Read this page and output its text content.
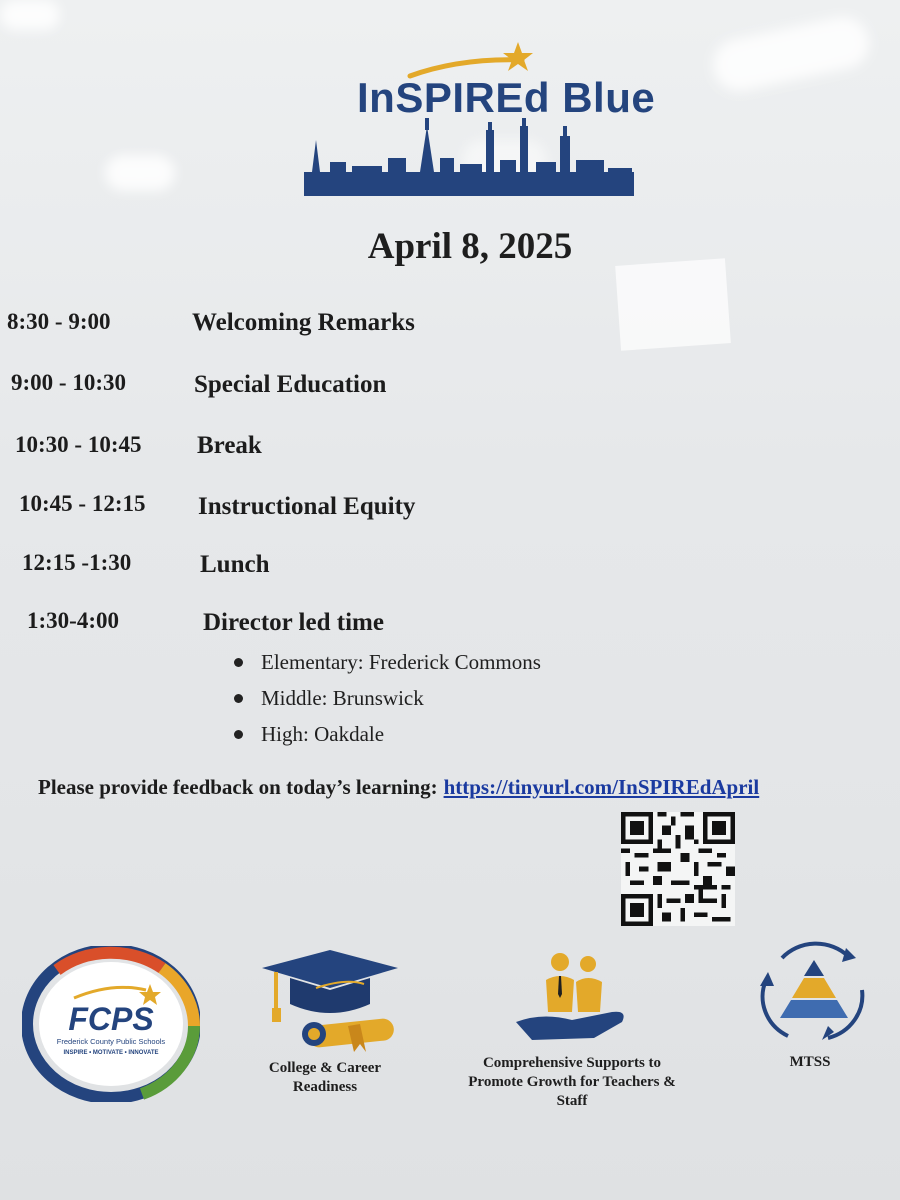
InSPIREd Blue
April 8, 2025
8:30 - 9:00	Welcoming Remarks
9:00 - 10:30	Special Education
10:30 - 10:45 Break
10:45 - 12:15 Instructional Equity
12:15 -1:30	Lunch
1:30-4:00	Director led time
Elementary: Frederick Commons
Middle: Brunswick
High: Oakdale
Please provide feedback on today’s learning: https://tinyurl.com/InSPIREdApril
FCPS
Frederick County Public Schools
INSPIRE • MOTIVATE • INNOVATE
College & Career
Readiness
Comprehensive Supports to
Promote Growth for Teachers &
Staff
MTSS
